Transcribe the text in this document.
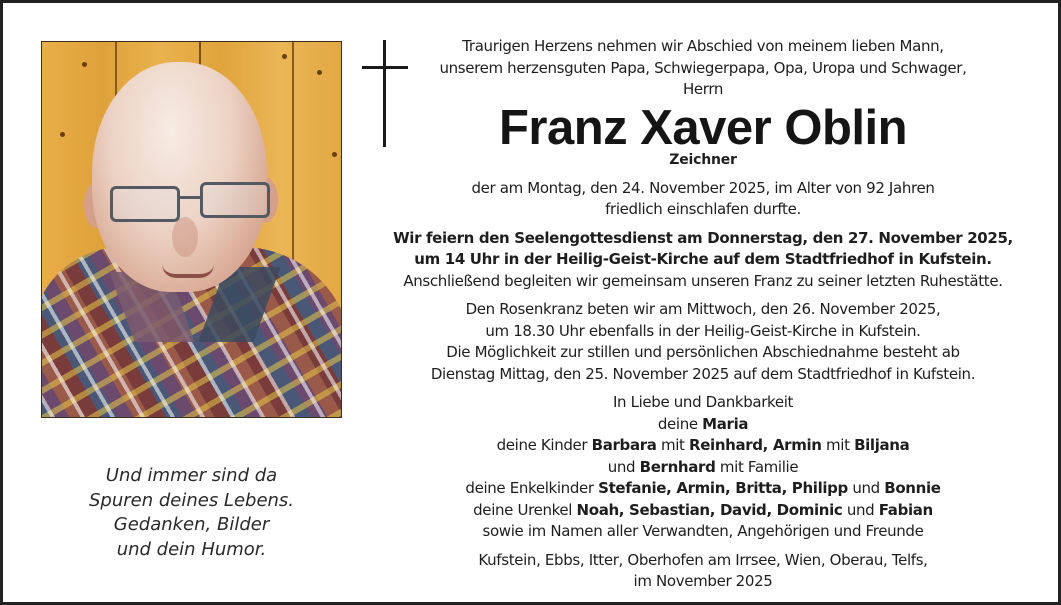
Und immer sind da
Spuren deines Lebens.
Gedanken, Bilder
und dein Humor.
Traurigen Herzens nehmen wir Abschied von meinem lieben Mann,
unserem herzensguten Papa, Schwiegerpapa, Opa, Uropa und Schwager,
Herrn
Franz Xaver Oblin
Zeichner
der am Montag, den 24. November 2025, im Alter von 92 Jahren
friedlich einschlafen durfte.
Wir feiern den Seelengottesdienst am Donnerstag, den 27. November 2025,
um 14 Uhr in der Heilig-Geist-Kirche auf dem Stadtfriedhof in Kufstein.
Anschließend begleiten wir gemeinsam unseren Franz zu seiner letzten Ruhestätte.
Den Rosenkranz beten wir am Mittwoch, den 26. November 2025,
um 18.30 Uhr ebenfalls in der Heilig-Geist-Kirche in Kufstein.
Die Möglichkeit zur stillen und persönlichen Abschiednahme besteht ab
Dienstag Mittag, den 25. November 2025 auf dem Stadtfriedhof in Kufstein.
In Liebe und Dankbarkeit
deine Maria
deine Kinder Barbara mit Reinhard, Armin mit Biljana
und Bernhard mit Familie
deine Enkelkinder Stefanie, Armin, Britta, Philipp und Bonnie
deine Urenkel Noah, Sebastian, David, Dominic und Fabian
sowie im Namen aller Verwandten, Angehörigen und Freunde
Kufstein, Ebbs, Itter, Oberhofen am Irrsee, Wien, Oberau, Telfs,
im November 2025
